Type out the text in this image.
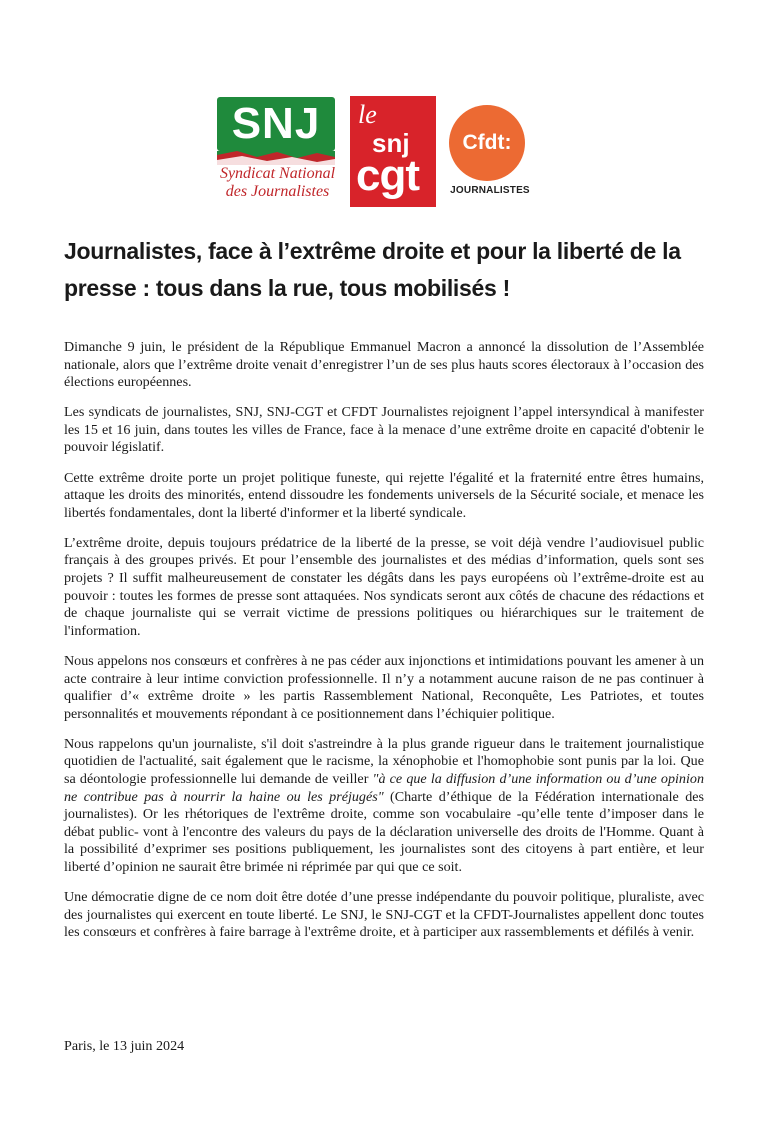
SNJ
Syndicat National
des Journalistes
le
snj
cgt
Cfdt:
JOURNALISTES
Journalistes, face à l’extrême droite et pour la liberté de la presse : tous dans la rue, tous mobilisés !

Dimanche 9 juin, le président de la République Emmanuel Macron a annoncé la dissolution de l’Assemblée nationale, alors que l’extrême droite venait d’enregistrer l’un de ses plus hauts scores électoraux à l’occasion des élections européennes.

Les syndicats de journalistes, SNJ, SNJ-CGT et CFDT Journalistes rejoignent l’appel intersyndical à manifester les 15 et 16 juin, dans toutes les villes de France, face à la menace d’une extrême droite en capacité d'obtenir le pouvoir législatif.

Cette extrême droite porte un projet politique funeste, qui rejette l'égalité et la fraternité entre êtres humains, attaque les droits des minorités, entend dissoudre les fondements universels de la Sécurité sociale, et menace les libertés fondamentales, dont la liberté d'informer et la liberté syndicale.

L’extrême droite, depuis toujours prédatrice de la liberté de la presse, se voit déjà vendre l’audiovisuel public français à des groupes privés. Et pour l’ensemble des journalistes et des médias d’information, quels sont ses projets ? Il suffit malheureusement de constater les dégâts dans les pays européens où l’extrême-droite est au pouvoir : toutes les formes de presse sont attaquées. Nos syndicats seront aux côtés de chacune des rédactions et de chaque journaliste qui se verrait victime de pressions politiques ou hiérarchiques sur le traitement de l'information.

Nous appelons nos consœurs et confrères à ne pas céder aux injonctions et intimidations pouvant les amener à un acte contraire à leur intime conviction professionnelle. Il n’y a notamment aucune raison de ne pas continuer à qualifier d’« extrême droite » les partis Rassemblement National, Reconquête, Les Patriotes, et toutes personnalités et mouvements répondant à ce positionnement dans l’échiquier politique.

Nous rappelons qu'un journaliste, s'il doit s'astreindre à la plus grande rigueur dans le traitement journalistique quotidien de l'actualité, sait également que le racisme, la xénophobie et l'homophobie sont punis par la loi. Que sa déontologie professionnelle lui demande de veiller "à ce que la diffusion d’une information ou d’une opinion ne contribue pas à nourrir la haine ou les préjugés" (Charte d’éthique de la Fédération internationale des journalistes). Or les rhétoriques de l'extrême droite, comme son vocabulaire -qu’elle tente d’imposer dans le débat public- vont à l'encontre des valeurs du pays de la déclaration universelle des droits de l'Homme. Quant à la possibilité d’exprimer ses positions publiquement, les journalistes sont des citoyens à part entière, et leur liberté d’opinion ne saurait être brimée ni réprimée par qui que ce soit.

Une démocratie digne de ce nom doit être dotée d’une presse indépendante du pouvoir politique, pluraliste, avec des journalistes qui exercent en toute liberté. Le SNJ, le SNJ-CGT et la CFDT-Journalistes appellent donc toutes les consœurs et confrères à faire barrage à l'extrême droite, et à participer aux rassemblements et défilés à venir.

Paris, le 13 juin 2024
